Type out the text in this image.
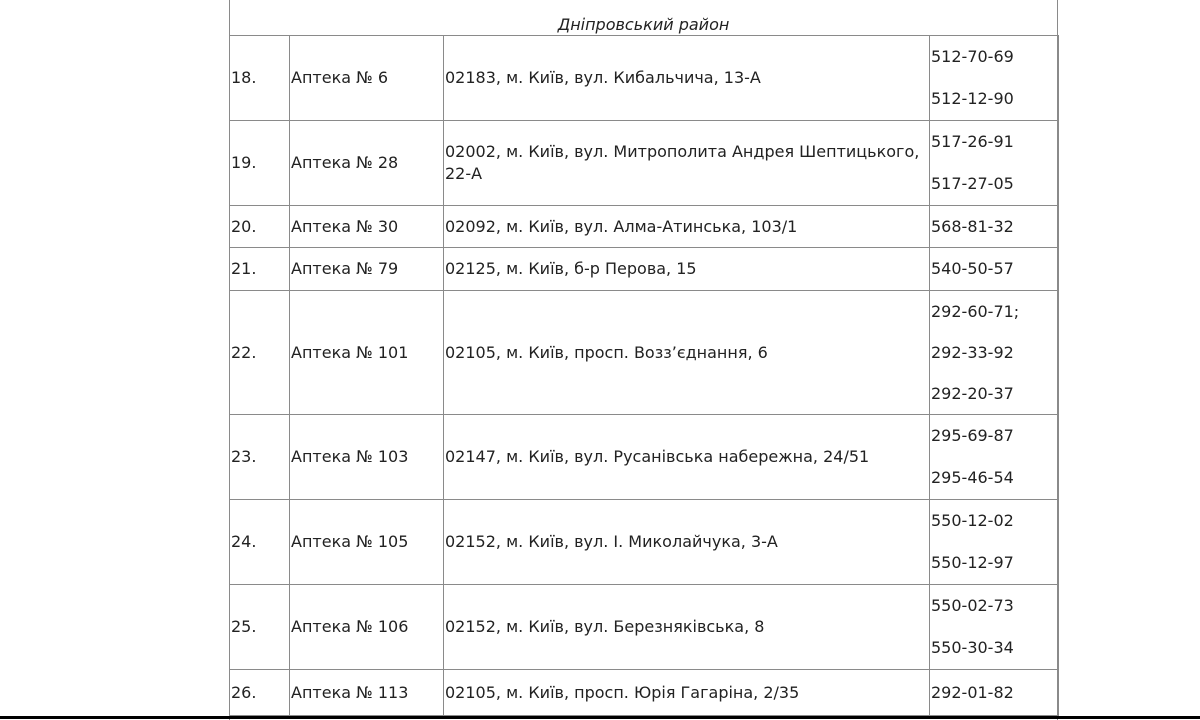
Дніпровський район
18.	Аптека № 6	02183, м. Київ, вул. Кибальчича, 13-А	512-70-69
512-12-90

19.	Аптека № 28	02002, м. Київ, вул. Митрополита Андрея Шептицького, 22-А	517-26-91
517-27-05

20.	Аптека № 30	02092, м. Київ, вул. Алма-Атинська, 103/1	568-81-32

21.	Аптека № 79	02125, м. Київ, б-р Перова, 15	540-50-57

22.	Аптека № 101	02105, м. Київ, просп. Возз’єднання, 6	292-60-71;
292-33-92
292-20-37

23.	Аптека № 103	02147, м. Київ, вул. Русанівська набережна, 24/51	295-69-87
295-46-54

24.	Аптека № 105	02152, м. Київ, вул. І. Миколайчука, 3-А	550-12-02
550-12-97

25.	Аптека № 106	02152, м. Київ, вул. Березняківська, 8	550-02-73
550-30-34

26.	Аптека № 113	02105, м. Київ, просп. Юрія Гагаріна, 2/35	292-01-82
